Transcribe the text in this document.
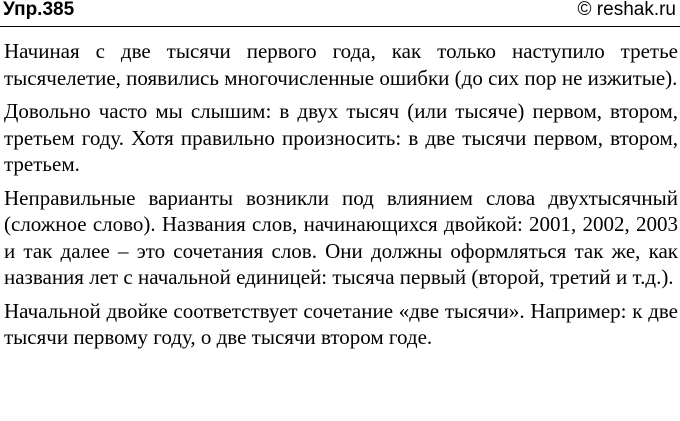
Упр.385	© reshak.ru

Начиная с две тысячи первого года, как только наступило третье тысячелетие, появились многочисленные ошибки (до сих пор не изжитые).

Довольно часто мы слышим: в двух тысяч (или тысяче) первом, втором, третьем году. Хотя правильно произносить: в две тысячи первом, втором, третьем.

Неправильные варианты возникли под влиянием слова двухтысячный (сложное слово). Названия слов, начинающихся двойкой: 2001, 2002, 2003 и так далее – это сочетания слов. Они должны оформляться так же, как названия лет с начальной единицей: тысяча первый (второй, третий и т.д.).

Начальной двойке соответствует сочетание «две тысячи». Например: к две тысячи первому году, о две тысячи втором годе.
